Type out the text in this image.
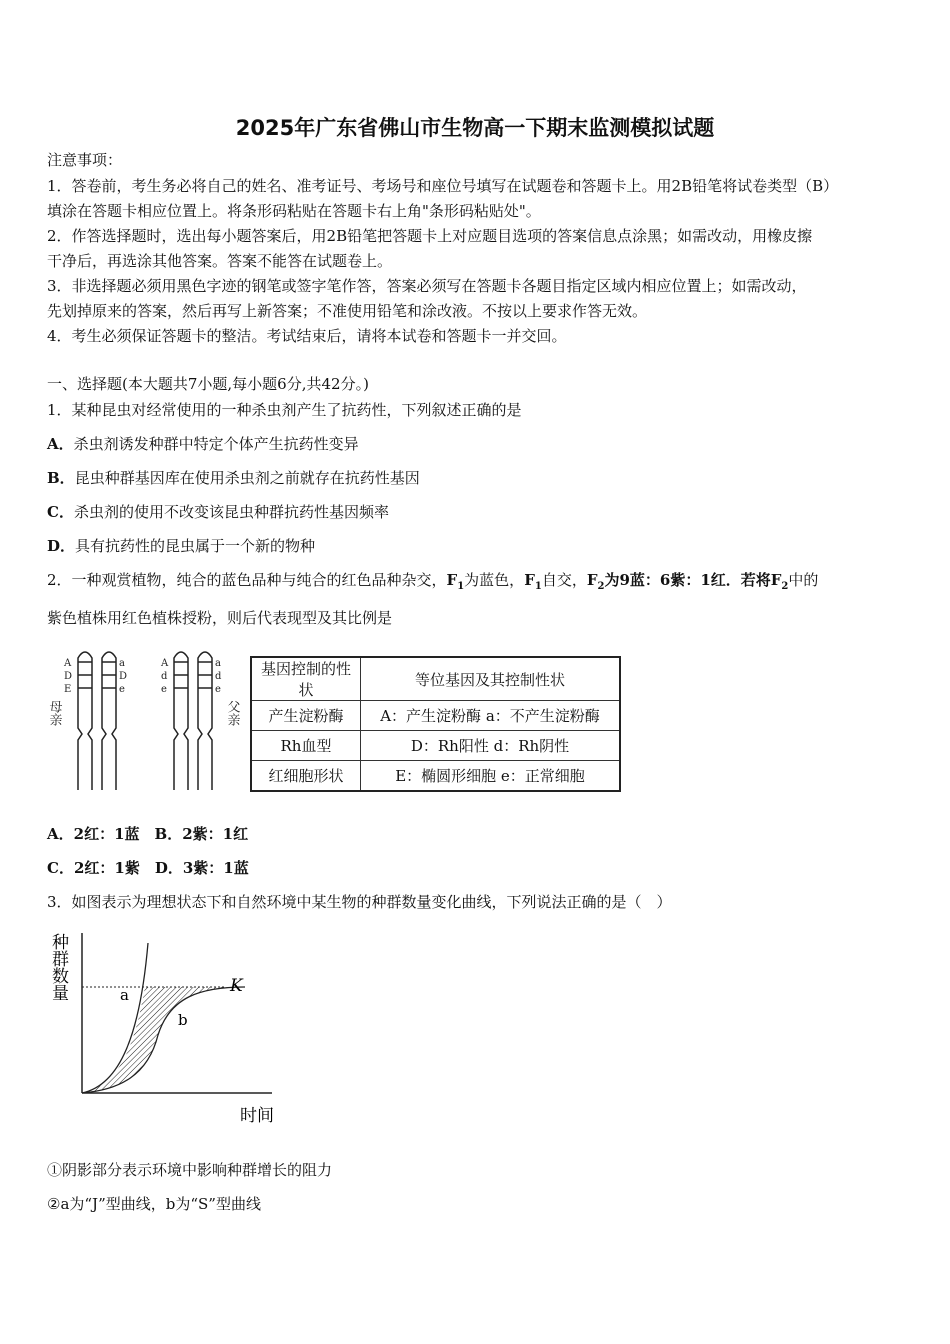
2025年广东省佛山市生物高一下期末监测模拟试题
注意事项：
1．答卷前，考生务必将自己的姓名、准考证号、考场号和座位号填写在试题卷和答题卡上。用2B铅笔将试卷类型（B）
填涂在答题卡相应位置上。将条形码粘贴在答题卡右上角"条形码粘贴处"。
2．作答选择题时，选出每小题答案后，用2B铅笔把答题卡上对应题目选项的答案信息点涂黑；如需改动，用橡皮擦
干净后，再选涂其他答案。答案不能答在试题卷上。
3．非选择题必须用黑色字迹的钢笔或签字笔作答，答案必须写在答题卡各题目指定区域内相应位置上；如需改动，
先划掉原来的答案，然后再写上新答案；不准使用铅笔和涂改液。不按以上要求作答无效。
4．考生必须保证答题卡的整洁。考试结束后，请将本试卷和答题卡一并交回。
一、选择题(本大题共7小题,每小题6分,共42分。)
1．某种昆虫对经常使用的一种杀虫剂产生了抗药性，下列叙述正确的是
A．杀虫剂诱发种群中特定个体产生抗药性变异
B．昆虫种群基因库在使用杀虫剂之前就存在抗药性基因
C．杀虫剂的使用不改变该昆虫种群抗药性基因频率
D．具有抗药性的昆虫属于一个新的物种
2．一种观赏植物，纯合的蓝色品种与纯合的红色品种杂交，$F_1$为蓝色，$F_1$自交，$F_2$为9蓝：6紫：1红．若将$F_2$中的
紫色植株用红色植株授粉，则后代表现型及其比例是
A
D
E
a
D
e
A
d
e
a
d
e
母亲	父亲
基因控制的性状	等位基因及其控制性状
产生淀粉酶	A：产生淀粉酶 a：不产生淀粉酶
Rh血型	D：Rh阳性 d：Rh阴性
红细胞形状	E：椭圆形细胞 e：正常细胞
A．2红：1蓝  B．2紫：1红
C．2红：1紫  D．3紫：1蓝
3．如图表示为理想状态下和自然环境中某生物的种群数量变化曲线，下列说法正确的是（　）
K
a
b
种群数量
时间
①阴影部分表示环境中影响种群增长的阻力
②a为“J”型曲线，b为“S”型曲线
